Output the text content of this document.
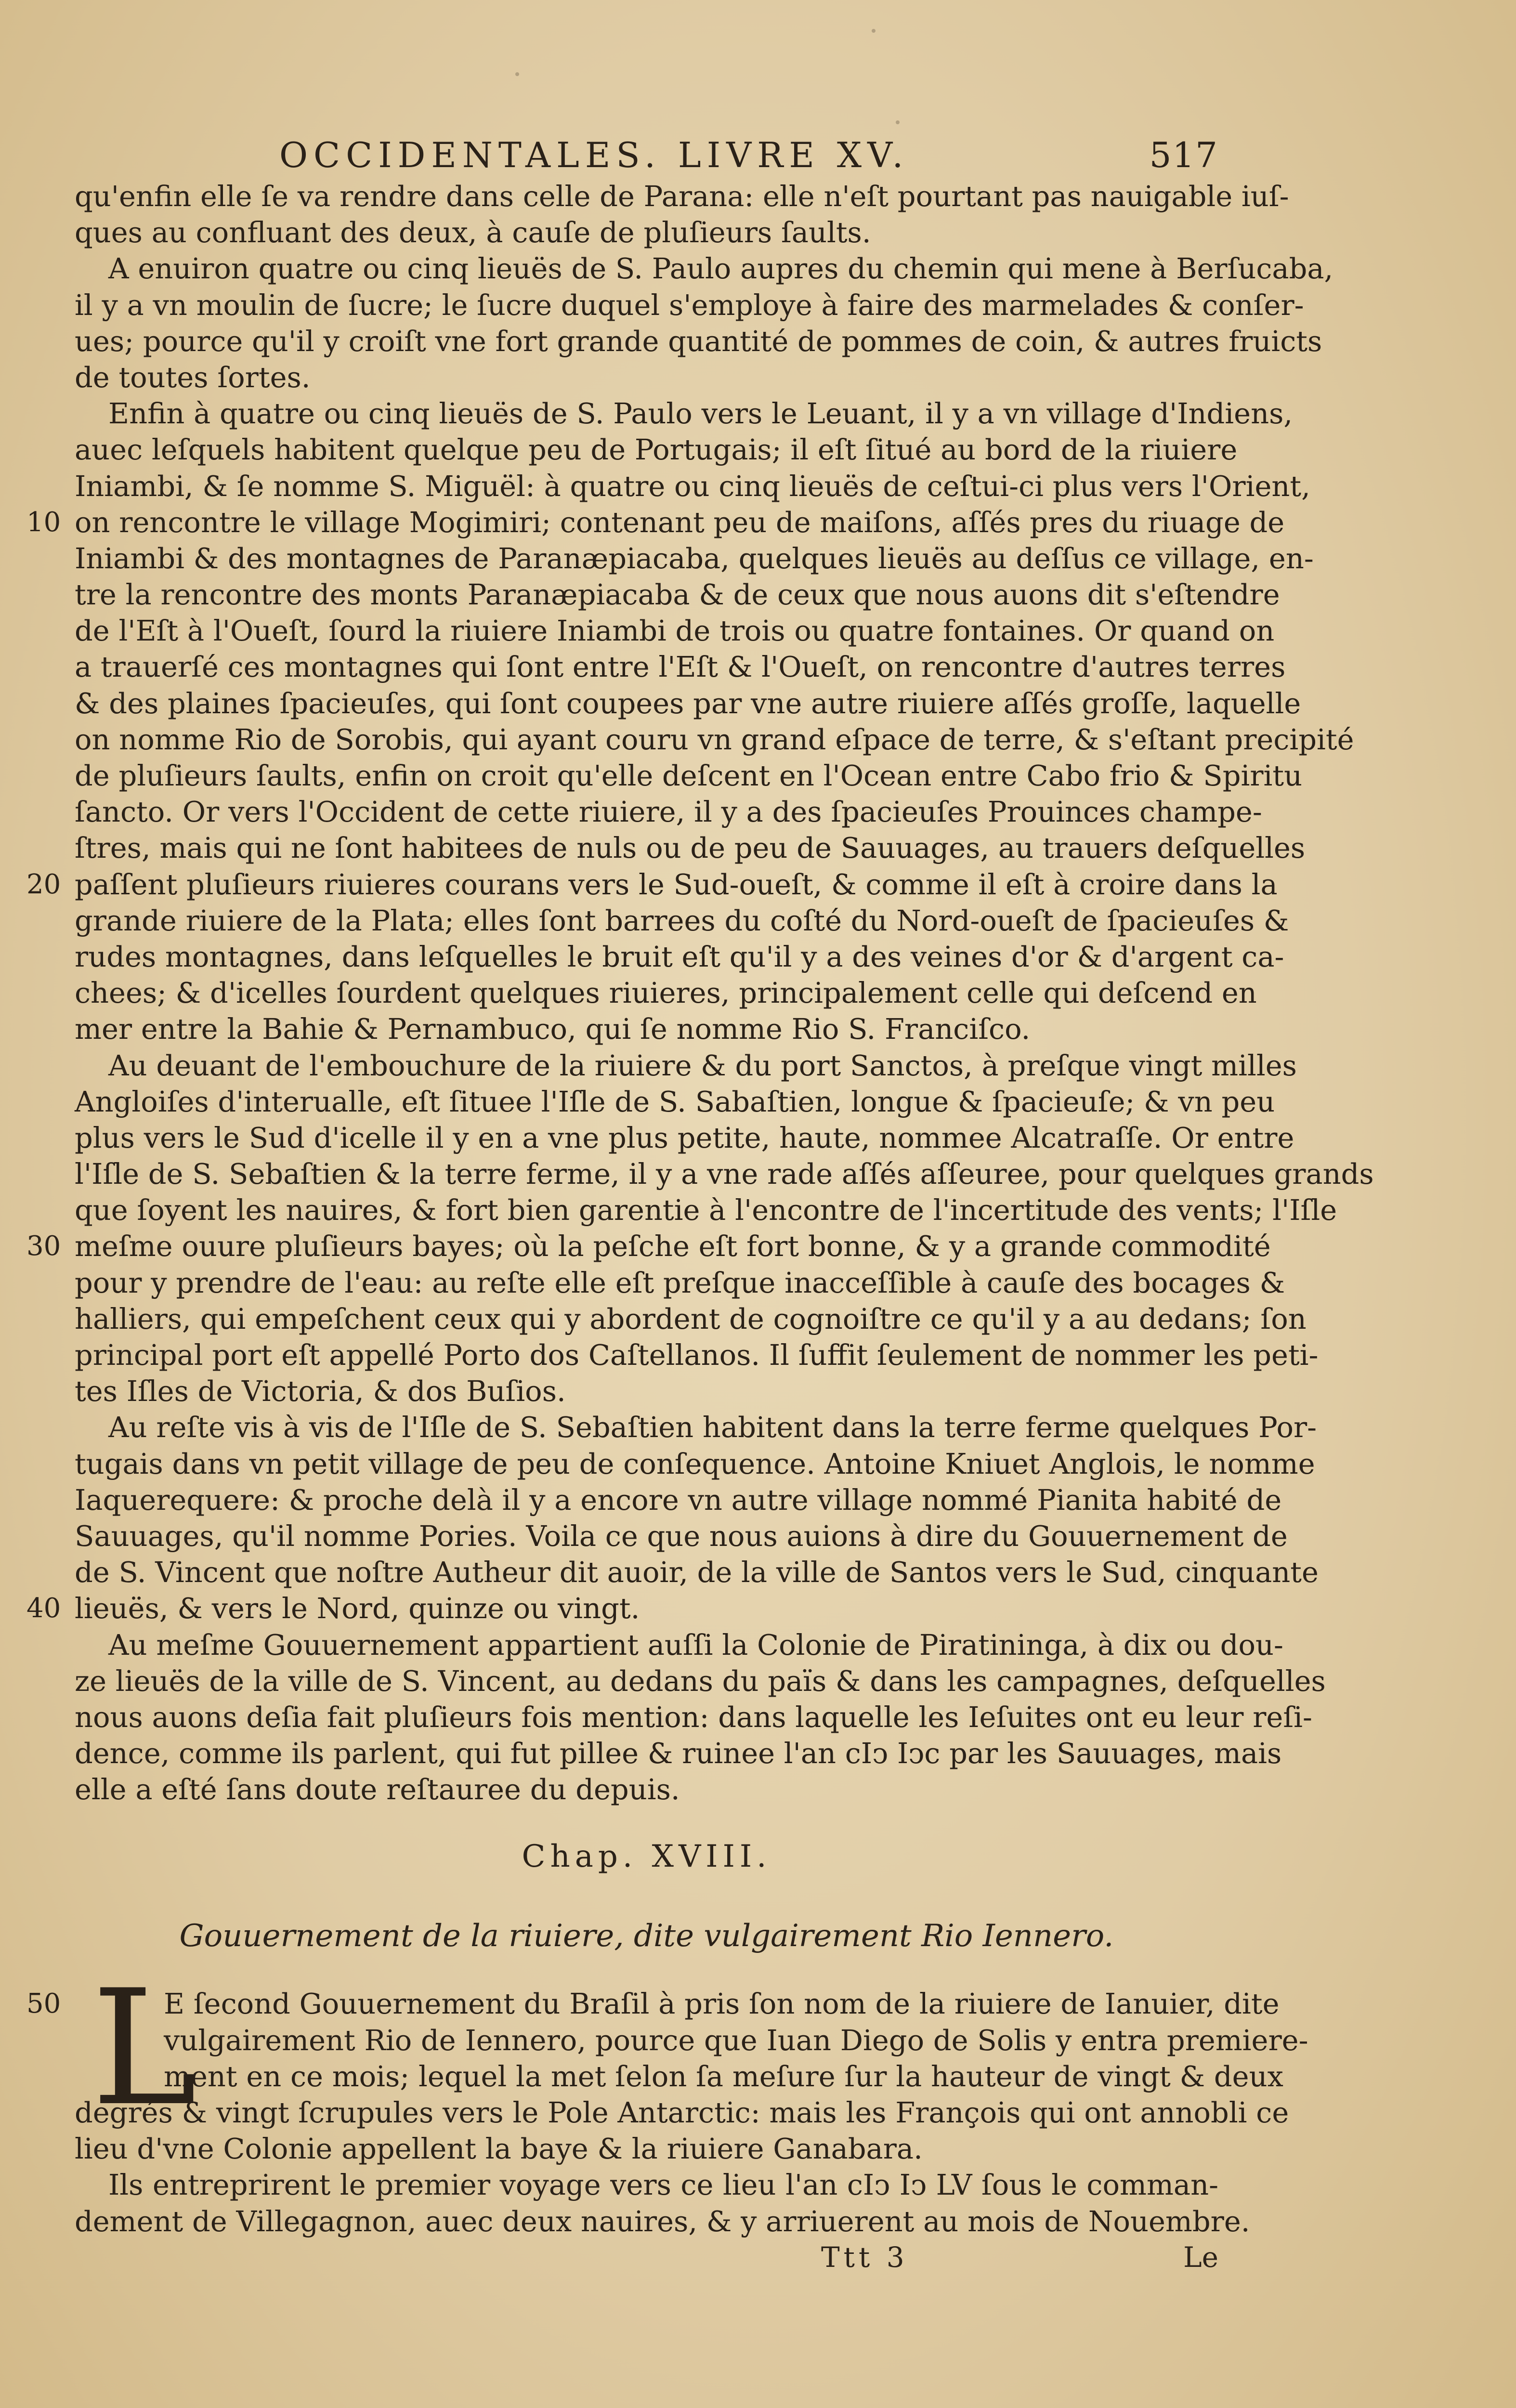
OCCIDENTALES. LIVRE XV.	517
qu'enfin elle ſe va rendre dans celle de Parana: elle n'eſt pourtant pas nauigable iuſ-
ques au confluant des deux, à cauſe de pluſieurs ſaults.
A enuiron quatre ou cinq lieuës de S. Paulo aupres du chemin qui mene à Berſucaba,
il y a vn moulin de ſucre; le ſucre duquel s'employe à faire des marmelades & conſer-
ues; pource qu'il y croiſt vne fort grande quantité de pommes de coin, & autres fruicts
de toutes ſortes.
Enfin à quatre ou cinq lieuës de S. Paulo vers le Leuant, il y a vn village d'Indiens,
auec leſquels habitent quelque peu de Portugais; il eſt ſitué au bord de la riuiere
Iniambi, & ſe nomme S. Miguël: à quatre ou cinq lieuës de ceſtui-ci plus vers l'Orient,
on rencontre le village Mogimiri; contenant peu de maiſons, aſſés pres du riuage de
10
Iniambi & des montagnes de Paranæpiacaba, quelques lieuës au deſſus ce village, en-
tre la rencontre des monts Paranæpiacaba & de ceux que nous auons dit s'eſtendre
de l'Eſt à l'Oueſt, ſourd la riuiere Iniambi de trois ou quatre fontaines. Or quand on
a trauerſé ces montagnes qui ſont entre l'Eſt & l'Oueſt, on rencontre d'autres terres
& des plaines ſpacieuſes, qui ſont coupees par vne autre riuiere aſſés groſſe, laquelle
on nomme Rio de Sorobis, qui ayant couru vn grand eſpace de terre, & s'eſtant precipité
de pluſieurs ſaults, enfin on croit qu'elle deſcent en l'Ocean entre Cabo frio & Spiritu
ſancto. Or vers l'Occident de cette riuiere, il y a des ſpacieuſes Prouinces champe-
ſtres, mais qui ne ſont habitees de nuls ou de peu de Sauuages, au trauers deſquelles
paſſent pluſieurs riuieres courans vers le Sud-oueſt, & comme il eſt à croire dans la
20
grande riuiere de la Plata; elles ſont barrees du coſté du Nord-oueſt de ſpacieuſes &
rudes montagnes, dans leſquelles le bruit eſt qu'il y a des veines d'or & d'argent ca-
chees; & d'icelles ſourdent quelques riuieres, principalement celle qui deſcend en
mer entre la Bahie & Pernambuco, qui ſe nomme Rio S. Franciſco.
Au deuant de l'embouchure de la riuiere & du port Sanctos, à preſque vingt milles
Angloiſes d'interualle, eſt ſituee l'Iſle de S. Sabaſtien, longue & ſpacieuſe; & vn peu
plus vers le Sud d'icelle il y en a vne plus petite, haute, nommee Alcatraſſe. Or entre
l'Iſle de S. Sebaſtien & la terre ferme, il y a vne rade aſſés aſſeuree, pour quelques grands
que ſoyent les nauires, & fort bien garentie à l'encontre de l'incertitude des vents; l'Iſle
meſme ouure pluſieurs bayes; où la peſche eſt fort bonne, & y a grande commodité
30
pour y prendre de l'eau: au reſte elle eſt preſque inacceſſible à cauſe des bocages &
halliers, qui empeſchent ceux qui y abordent de cognoiſtre ce qu'il y a au dedans; ſon
principal port eſt appellé Porto dos Caſtellanos. Il ſuffit ſeulement de nommer les peti-
tes Iſles de Victoria, & dos Buſios.
Au reſte vis à vis de l'Iſle de S. Sebaſtien habitent dans la terre ferme quelques Por-
tugais dans vn petit village de peu de conſequence. Antoine Kniuet Anglois, le nomme
Iaquerequere: & proche delà il y a encore vn autre village nommé Pianita habité de
Sauuages, qu'il nomme Pories. Voila ce que nous auions à dire du Gouuernement de
de S. Vincent que noſtre Autheur dit auoir, de la ville de Santos vers le Sud, cinquante
lieuës, & vers le Nord, quinze ou vingt.
40
Au meſme Gouuernement appartient auſſi la Colonie de Piratininga, à dix ou dou-
ze lieuës de la ville de S. Vincent, au dedans du païs & dans les campagnes, deſquelles
nous auons deſia fait pluſieurs fois mention: dans laquelle les Ieſuites ont eu leur reſi-
dence, comme ils parlent, qui fut pillee & ruinee l'an cIↄ Iↄc par les Sauuages, mais
elle a eſté ſans doute reſtauree du depuis.
Chap. XVIII.
Gouuernement de la riuiere, dite vulgairement Rio Iennero.
L
E ſecond Gouuernement du Braſil à pris ſon nom de la riuiere de Ianuier, dite
50
vulgairement Rio de Iennero, pource que Iuan Diego de Solis y entra premiere-
ment en ce mois; lequel la met ſelon ſa meſure ſur la hauteur de vingt & deux
degrés & vingt ſcrupules vers le Pole Antarctic: mais les François qui ont annobli ce
lieu d'vne Colonie appellent la baye & la riuiere Ganabara.
Ils entreprirent le premier voyage vers ce lieu l'an cIↄ Iↄ LV ſous le comman-
dement de Villegagnon, auec deux nauires, & y arriuerent au mois de Nouembre.
Ttt 3	Le
